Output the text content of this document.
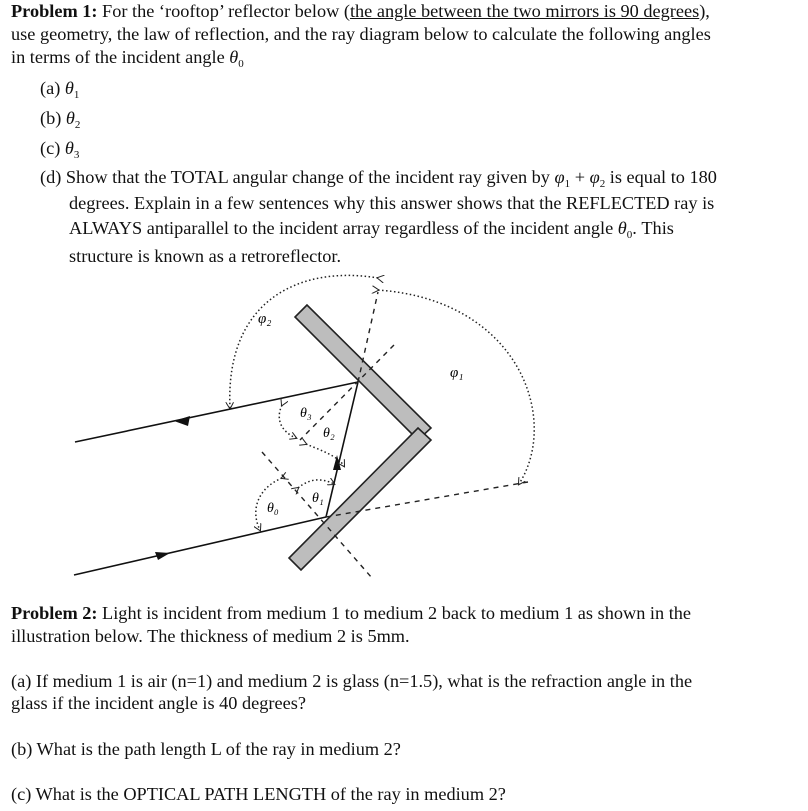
Problem 1: For the ‘rooftop’ reflector below (the angle between the two mirrors is 90 degrees),
use geometry, the law of reflection, and the ray diagram below to calculate the following angles
in terms of the incident angle $\theta_0$
(a) $\theta_1$
(b) $\theta_2$
(c) $\theta_3$
(d) Show that the TOTAL angular change of the incident ray given by $\varphi_1 + \varphi_2$ is equal to 180
degrees. Explain in a few sentences why this answer shows that the REFLECTED ray is
ALWAYS antiparallel to the incident array regardless of the incident angle $\theta_0$. This
structure is known as a retroreflector.
φ₂
φ₁
θ₃
θ₂
θ₁
θ₀
Problem 2: Light is incident from medium 1 to medium 2 back to medium 1 as shown in the
illustration below. The thickness of medium 2 is 5mm.
(a) If medium 1 is air (n=1) and medium 2 is glass (n=1.5), what is the refraction angle in the
glass if the incident angle is 40 degrees?
(b) What is the path length L of the ray in medium 2?
(c) What is the OPTICAL PATH LENGTH of the ray in medium 2?
